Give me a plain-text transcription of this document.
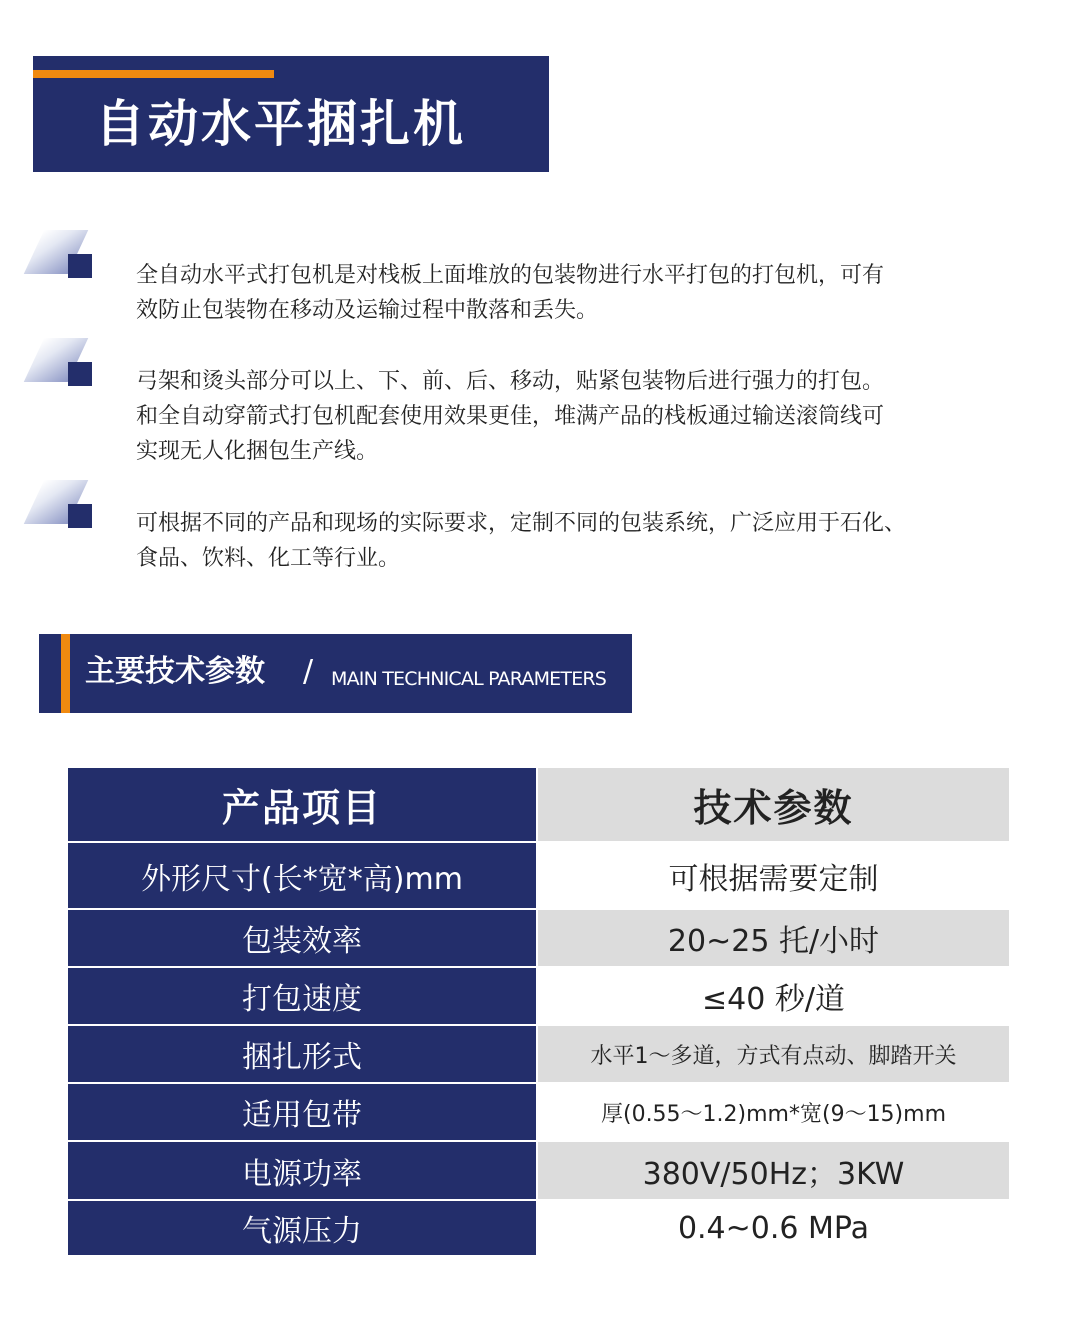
自动水平捆扎机
全自动水平式打包机是对栈板上面堆放的包装物进行水平打包的打包机，可有
效防止包装物在移动及运输过程中散落和丢失。
弓架和烫头部分可以上、下、前、后、移动，贴紧包装物后进行强力的打包。
和全自动穿箭式打包机配套使用效果更佳，堆满产品的栈板通过输送滚筒线可
实现无人化捆包生产线。
可根据不同的产品和现场的实际要求，定制不同的包装系统，广泛应用于石化、
食品、饮料、化工等行业。
主要技术参数 / MAIN TECHNICAL PARAMETERS
产品项目	技术参数
外形尺寸(长*宽*高)mm	可根据需要定制
包装效率	20~25 托/小时
打包速度	≤40 秒/道
捆扎形式	水平1～多道，方式有点动、脚踏开关
适用包带	厚(0.55～1.2)mm*宽(9～15)mm
电源功率	380V/50Hz；3KW
气源压力	0.4~0.6 MPa
